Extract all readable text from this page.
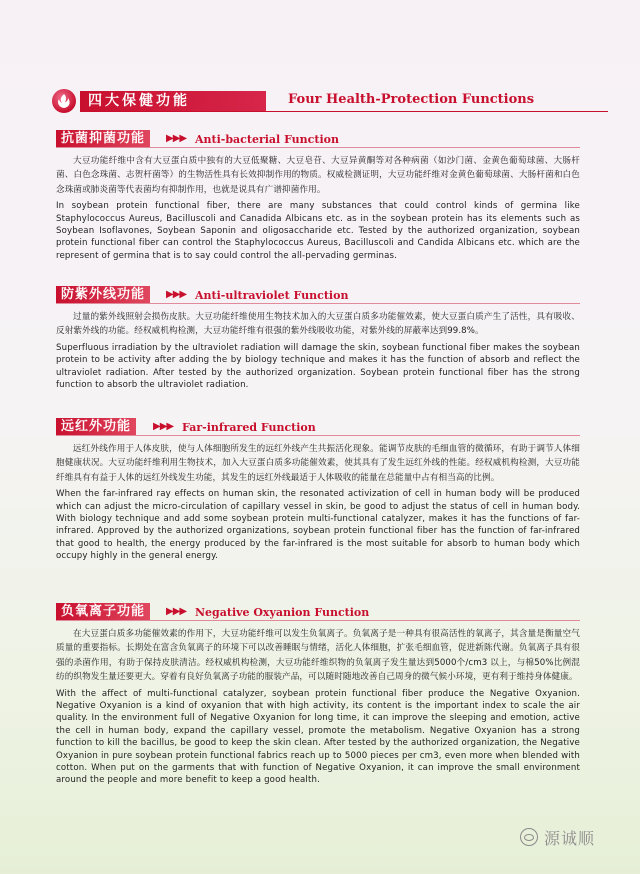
四大保健功能	Four Health-Protection Functions
抗菌抑菌功能	▶▶▶ Anti-bacterial Function

大豆功能纤维中含有大豆蛋白质中独有的大豆低聚糖、大豆皂苷、大豆异黄酮等对各种病菌（如沙门菌、金黄色葡萄球菌、大肠杆菌、白色念珠菌、志贺杆菌等）的生物活性具有长效抑制作用的物质。权威检测证明，大豆功能纤维对金黄色葡萄球菌、大肠杆菌和白色念珠菌或肺炎菌等代表菌均有抑制作用，也就是说具有广谱抑菌作用。

In soybean protein functional fiber, there are many substances that could control kinds of germina like Staphylococcus Aureus, Bacilluscoli and Canadida Albicans etc. as in the soybean protein has its elements such as Soybean Isoflavones, Soybean Saponin and oligosaccharide etc. Tested by the authorized organization, soybean protein functional fiber can control the Staphylococcus Aureus, Bacilluscoli and Candida Albicans etc. which are the represent of germina that is to say could control the all-pervading germinas.

防紫外线功能	▶▶▶ Anti-ultraviolet Function

过量的紫外线照射会损伤皮肤。大豆功能纤维使用生物技术加入的大豆蛋白质多功能催效素，使大豆蛋白质产生了活性，具有吸收、反射紫外线的功能。经权威机构检测，大豆功能纤维有很强的紫外线吸收功能，对紫外线的屏蔽率达到99.8%。

Superfluous irradiation by the ultraviolet radiation will damage the skin, soybean functional fiber makes the soybean protein to be activity after adding the by biology technique and makes it has the function of absorb and reflect the ultraviolet radiation. After tested by the authorized organization. Soybean protein functional fiber has the strong function to absorb the ultraviolet radiation.

远红外功能	▶▶▶ Far-infrared Function

远红外线作用于人体皮肤，使与人体细胞所发生的远红外线产生共振活化现象。能调节皮肤的毛细血管的微循环，有助于调节人体细胞健康状况。大豆功能纤维利用生物技术，加入大豆蛋白质多功能催效素，使其具有了发生远红外线的性能。经权威机构检测，大豆功能纤维具有有益于人体的远红外线发生功能，其发生的远红外线最适于人体吸收的能量在总能量中占有相当高的比例。

When the far-infrared ray effects on human skin, the resonated activization of cell in human body will be produced which can adjust the micro-circulation of capillary vessel in skin, be good to adjust the status of cell in human body. With biology technique and add some soybean protein multi-functional catalyzer, makes it has the functions of far-infrared. Approved by the authorized organizations, soybean protein functional fiber has the function of far-infrared that good to health, the energy produced by the far-infrared is the most suitable for absorb to human body which occupy highly in the general energy.

负氧离子功能	▶▶▶ Negative Oxyanion Function

在大豆蛋白质多功能催效素的作用下，大豆功能纤维可以发生负氧离子。负氧离子是一种具有很高活性的氧离子，其含量是衡量空气质量的重要指标。长期处在富含负氧离子的环境下可以改善睡眠与情绪，活化人体细胞，扩张毛细血管，促进新陈代谢。负氧离子具有很强的杀菌作用，有助于保持皮肤清洁。经权威机构检测，大豆功能纤维织物的负氧离子发生量达到5000个/cm3 以上，与棉50%比例混纺的织物发生量还要更大。穿着有良好负氧离子功能的服装产品，可以随时随地改善自己周身的微气候小环境，更有利于维持身体健康。

With the affect of multi-functional catalyzer, soybean protein functional fiber produce the Negative Oxyanion. Negative Oxyanion is a kind of oxyanion that with high activity, its content is the important index to scale the air quality. In the environment full of Negative Oxyanion for long time, it can improve the sleeping and emotion, active the cell in human body, expand the capillary vessel, promote the metabolism. Negative Oxyanion has a strong function to kill the bacillus, be good to keep the skin clean. After tested by the authorized organization, the Negative Oxyanion in pure soybean protein functional fabrics reach up to 5000 pieces per cm3, even more when blended with cotton. When put on the garments that with function of Negative Oxyanion, it can improve the small environment around the people and more benefit to keep a good health.

源诚顺
